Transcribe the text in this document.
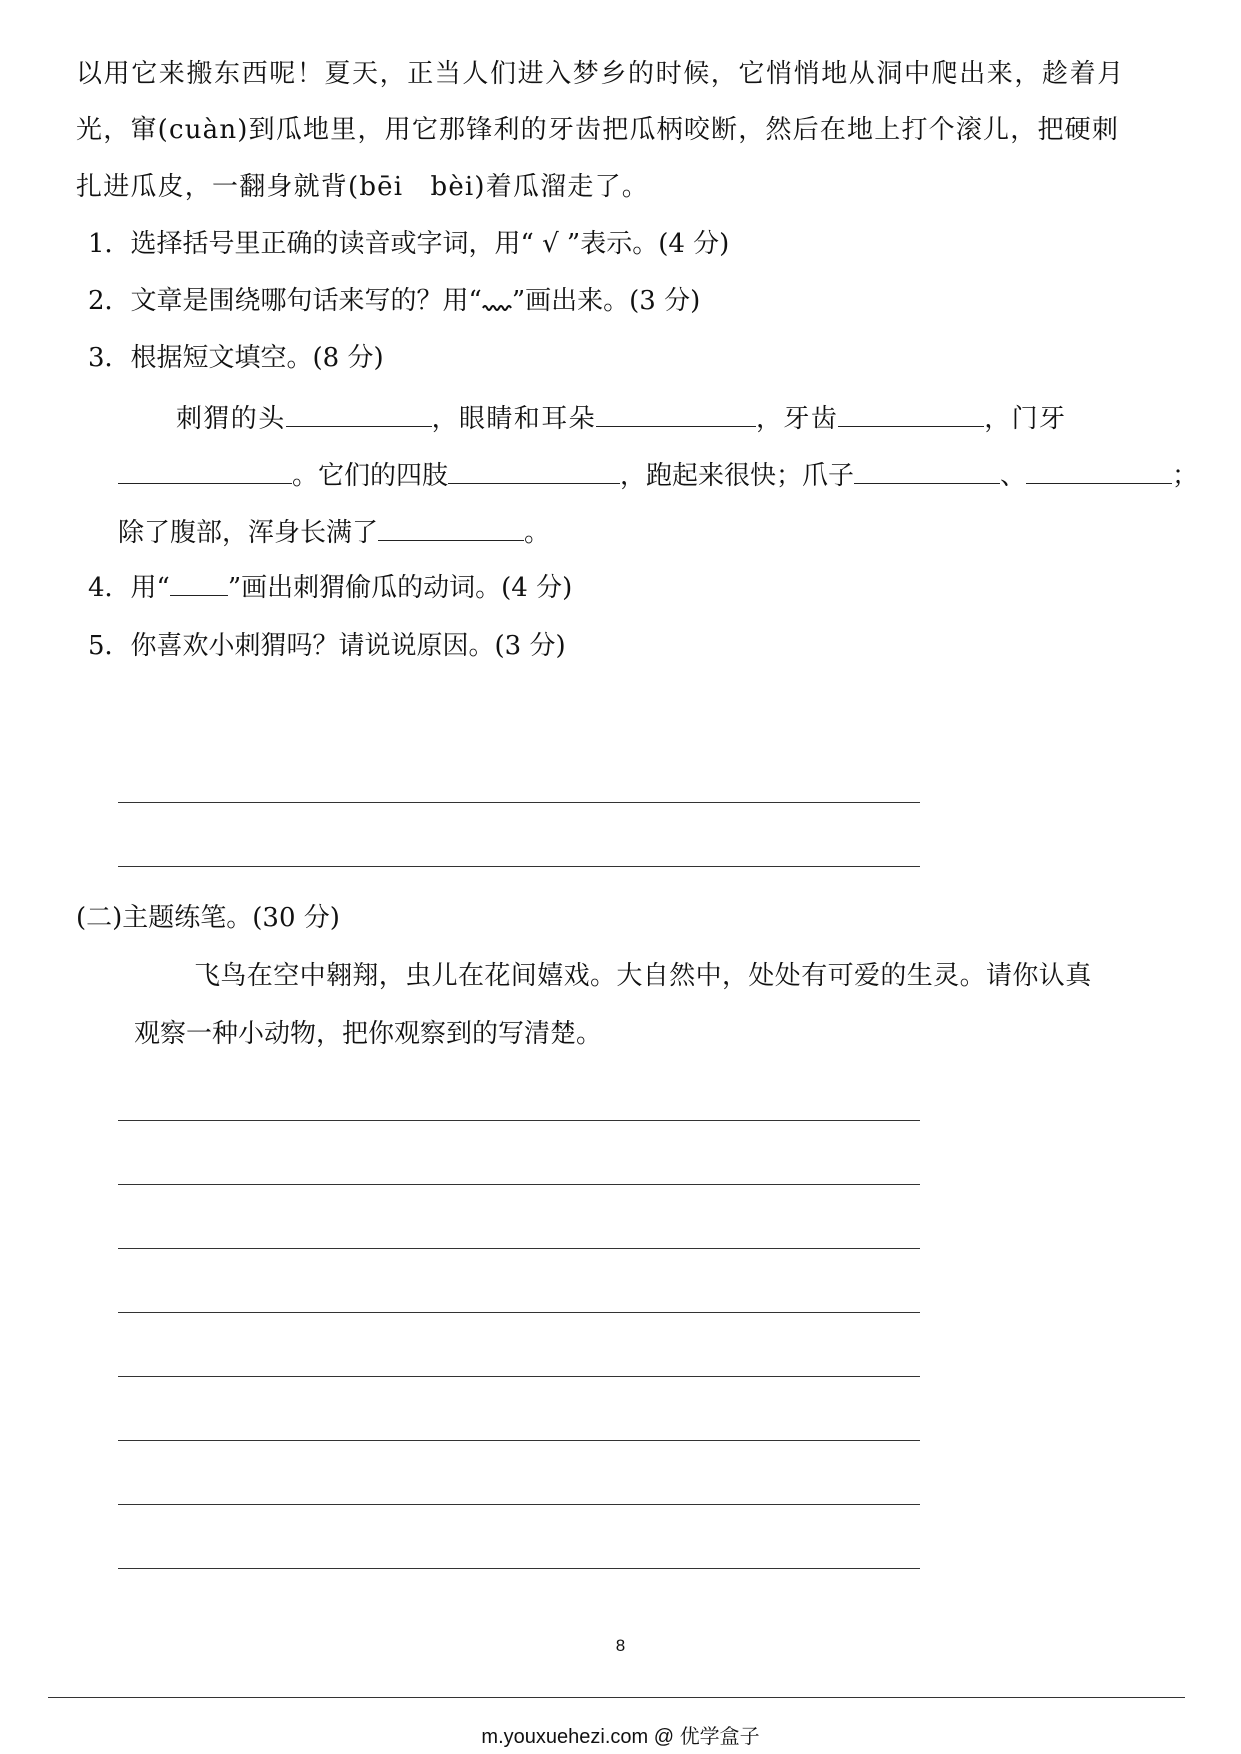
以用它来搬东西呢！夏天，正当人们进入梦乡的时候，它悄悄地从洞中爬出来，趁着月
光，窜(cuàn)到瓜地里，用它那锋利的牙齿把瓜柄咬断，然后在地上打个滚儿，把硬刺
扎进瓜皮，一翻身就背(bēi　bèi)着瓜溜走了。
1．选择括号里正确的读音或字词，用“ √ ”表示。(4 分)
2．文章是围绕哪句话来写的？用“ ”画出来。(3 分)
3．根据短文填空。(8 分)
刺猬的头	，眼睛和耳朵	，牙齿	，门牙
。它们的四肢	，跑起来很快；爪子	、	；
除了腹部，浑身长满了	。
4．用“ ”画出刺猬偷瓜的动词。(4 分)
5．你喜欢小刺猬吗？请说说原因。(3 分)
(二)主题练笔。(30 分)
飞鸟在空中翱翔，虫儿在花间嬉戏。大自然中，处处有可爱的生灵。请你认真
观察一种小动物，把你观察到的写清楚。
8
m.youxuehezi.com @ 优学盒子
